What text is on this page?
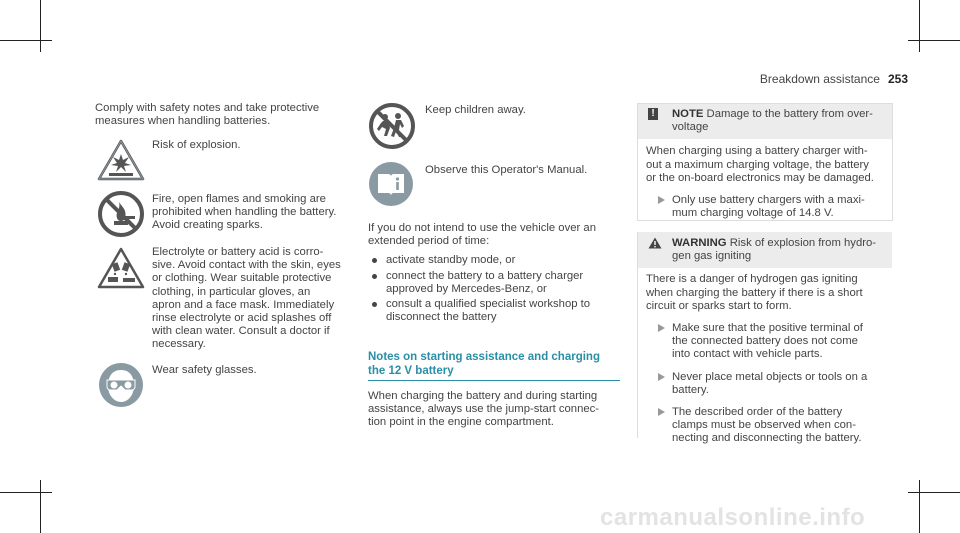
Breakdown assistance 253

Comply with safety notes and take protective

measures when handling batteries.

Risk of explosion.

Fire, open flames and smoking are

prohibited when handling the battery.

Avoid creating sparks.

Electrolyte or battery acid is corro-

sive. Avoid contact with the skin, eyes

or clothing. Wear suitable protective

clothing, in particular gloves, an

apron and a face mask. Immediately

rinse electrolyte or acid splashes off

with clean water. Consult a doctor if

necessary.

Wear safety glasses.

Keep children away.

Observe this Operator's Manual.

If you do not intend to use the vehicle over an

extended period of time:

activate standby mode, or
connect the battery to a battery charger
approved by Mercedes-Benz, or
consult a qualified specialist workshop to
disconnect the battery
Notes on starting assistance and charging
the 12 V battery

When charging the battery and during starting

assistance, always use the jump-start connec-

tion point in the engine compartment.

! NOTE Damage to the battery from over-

voltage

When charging using a battery charger with-

out a maximum charging voltage, the battery

or the on-board electronics may be damaged.

Only use battery chargers with a maxi-

mum charging voltage of 14.8 V.

WARNING Risk of explosion from hydro-

gen gas igniting

There is a danger of hydrogen gas igniting

when charging the battery if there is a short

circuit or sparks start to form.

Make sure that the positive terminal of

the connected battery does not come

into contact with vehicle parts.

Never place metal objects or tools on a

battery.

The described order of the battery

clamps must be observed when con-

necting and disconnecting the battery.

carmanualsonline.info
